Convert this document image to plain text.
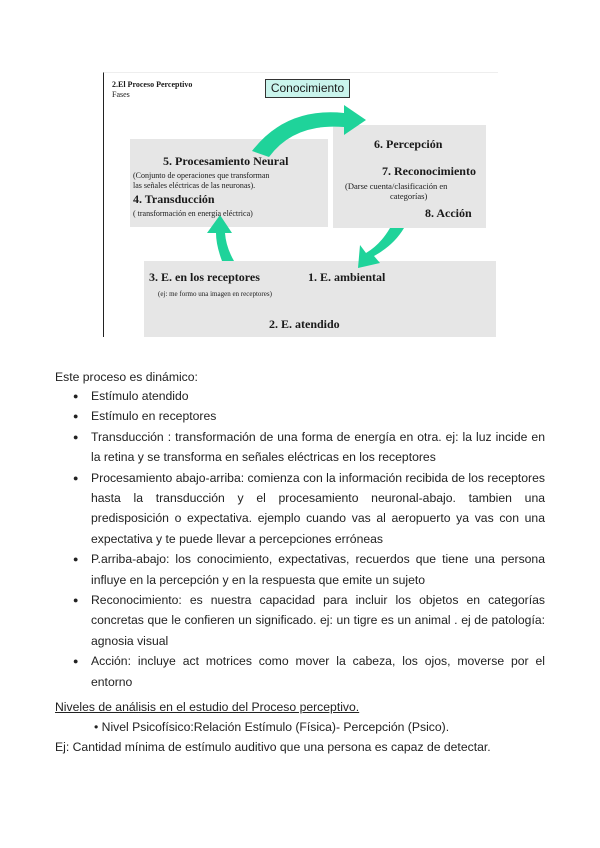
2.El Proceso Perceptivo
Fases	Conocimiento
5. Procesamiento Neural
(Conjunto de operaciones que transforman
las señales eléctricas de las neuronas).
4. Transducción
( transformación en energía eléctrica)
6. Percepción
7. Reconocimiento
(Darse cuenta/clasificación en
categorías)
8. Acción
3. E. en los receptores
(ej: me formo una imagen en receptores)
1. E. ambiental
2. E. atendido
Este proceso es dinámico:
● Estímulo atendido
● Estímulo en receptores
● Transducción : transformación de una forma de energía en otra. ej: la luz incide en la retina y se transforma en señales eléctricas en los receptores
● Procesamiento abajo-arriba: comienza con la información recibida de los receptores hasta la transducción y el procesamiento neuronal-abajo. tambien una predisposición o expectativa. ejemplo cuando vas al aeropuerto ya vas con una expectativa y te puede llevar a percepciones erróneas
● P.arriba-abajo: los conocimiento, expectativas, recuerdos que tiene una persona influye en la percepción y en la respuesta que emite un sujeto
● Reconocimiento: es nuestra capacidad para incluir los objetos en categorías concretas que le confieren un significado. ej: un tigre es un animal . ej de patología: agnosia visual
● Acción: incluye act motrices como mover la cabeza, los ojos, moverse por el entorno
Niveles de análisis en el estudio del Proceso perceptivo.
• Nivel Psicofísico:Relación Estímulo (Física)- Percepción (Psico).
Ej: Cantidad mínima de estímulo auditivo que una persona es capaz de detectar.
